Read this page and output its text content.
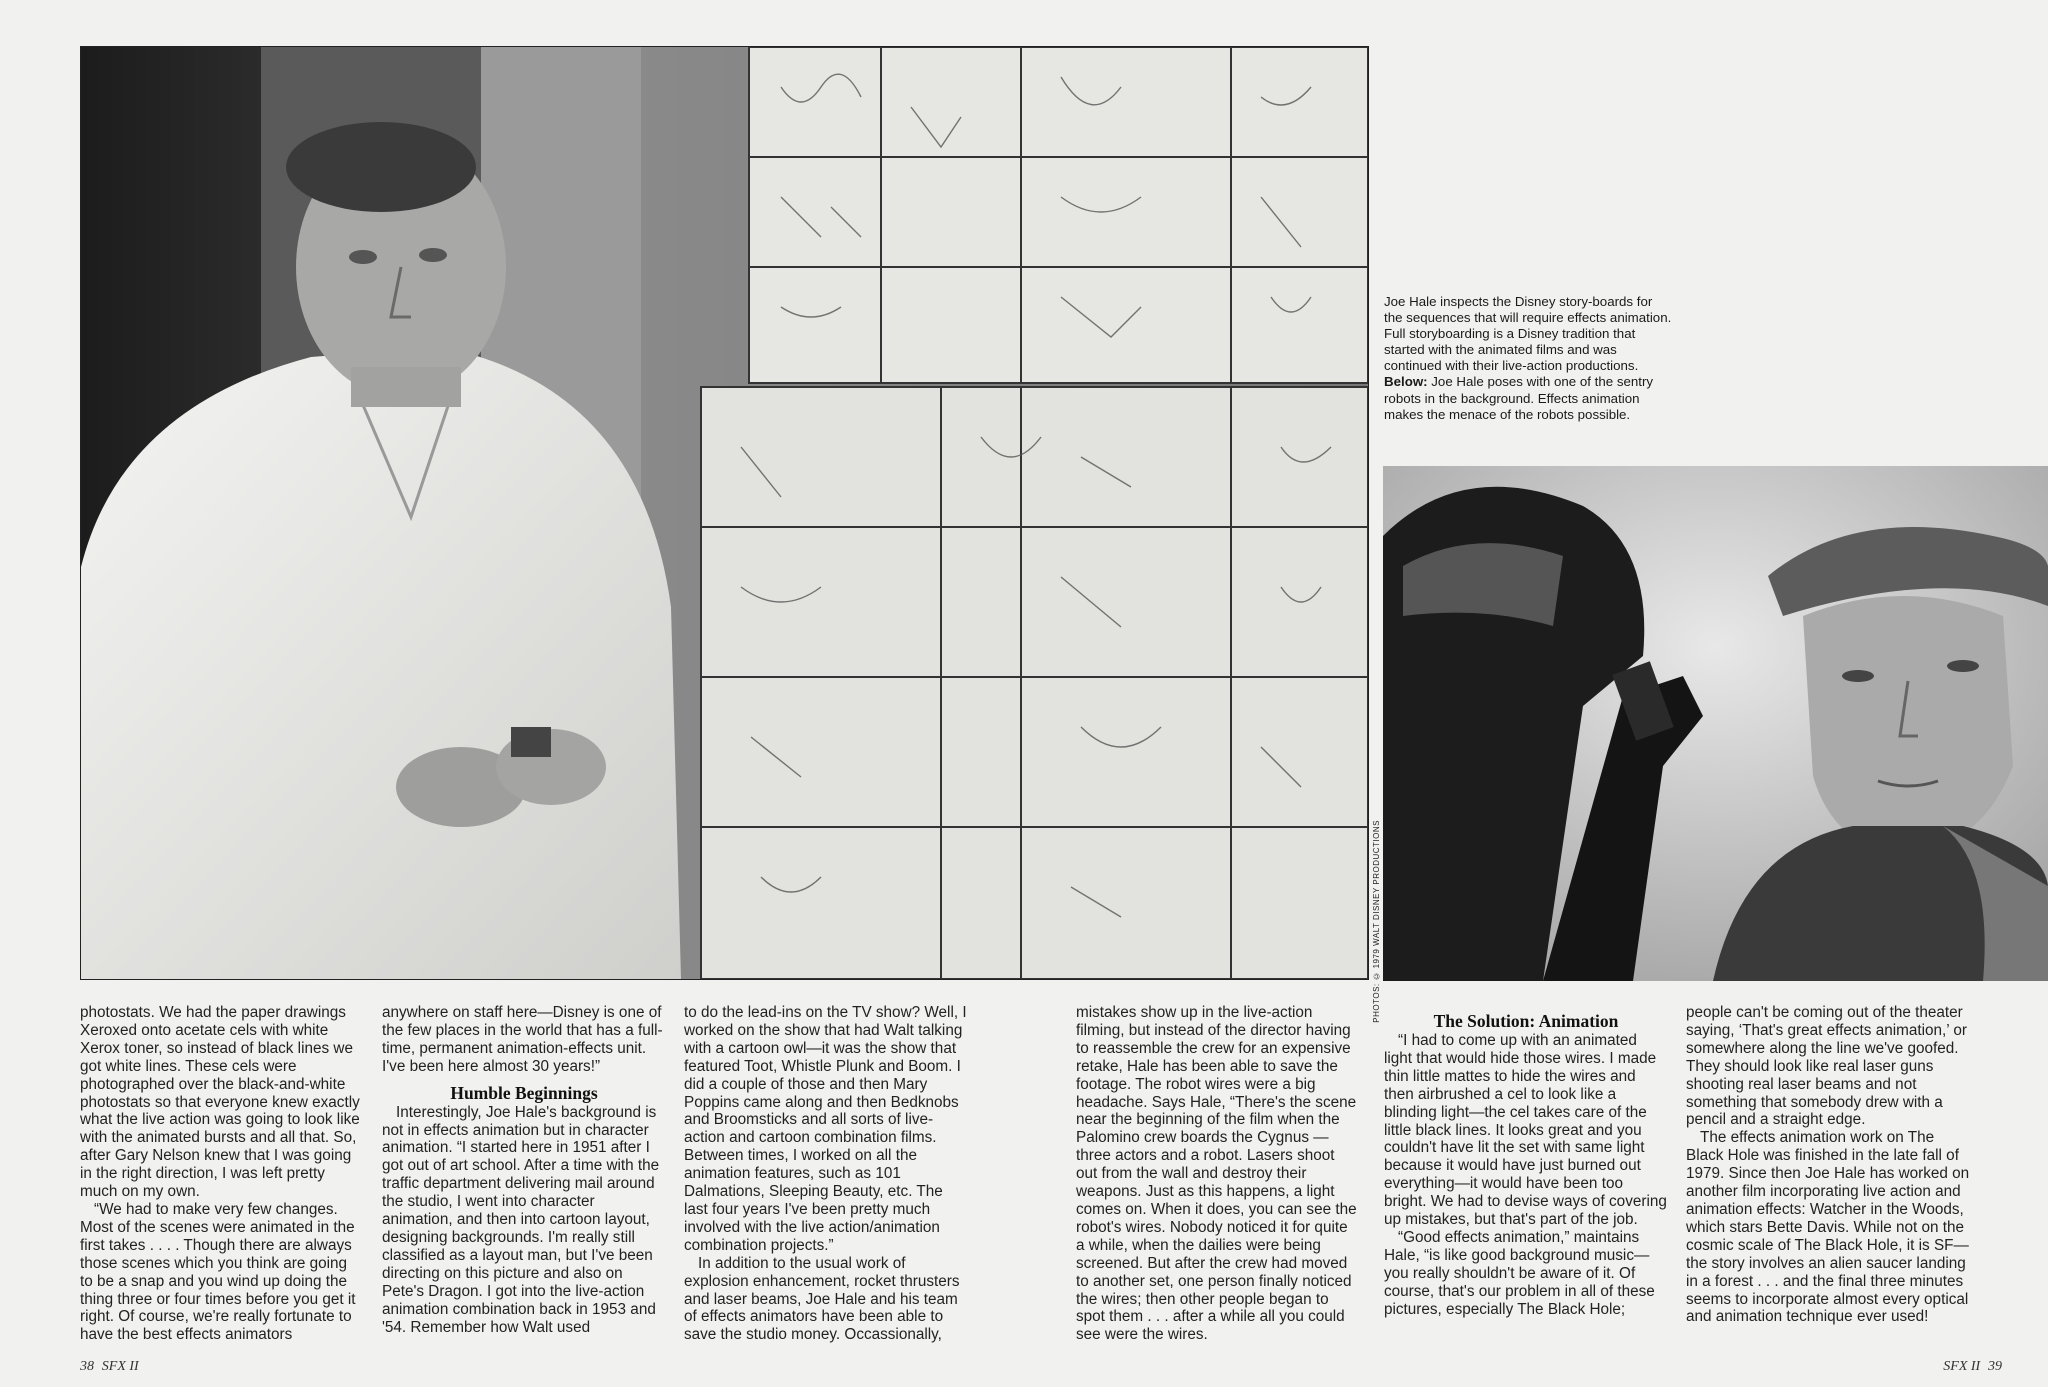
PHOTOS: © 1979 WALT DISNEY PRODUCTIONS
Joe Hale inspects the Disney story-boards for the sequences that will require effects animation. Full storyboarding is a Disney tradition that started with the animated films and was continued with their live-action productions.
Below: Joe Hale poses with one of the sentry robots in the background. Effects animation makes the menace of the robots possible.

photostats. We had the paper drawings Xeroxed onto acetate cels with white Xerox toner, so instead of black lines we got white lines. These cels were photographed over the black-and-white photostats so that everyone knew exactly what the live action was going to look like with the animated bursts and all that. So, after Gary Nelson knew that I was going in the right direction, I was left pretty much on my own.

“We had to make very few changes. Most of the scenes were animated in the first takes . . . . Though there are always those scenes which you think are going to be a snap and you wind up doing the thing three or four times before you get it right. Of course, we're really fortunate to have the best effects animators

anywhere on staff here—Disney is one of the few places in the world that has a full-time, permanent animation-effects unit. I've been here almost 30 years!”

Humble Beginnings

Interestingly, Joe Hale's background is not in effects animation but in character animation. “I started here in 1951 after I got out of art school. After a time with the traffic department delivering mail around the studio, I went into character animation, and then into cartoon layout, designing backgrounds. I'm really still classified as a layout man, but I've been directing on this picture and also on Pete's Dragon. I got into the live-action animation combination back in 1953 and '54. Remember how Walt used

to do the lead-ins on the TV show? Well, I worked on the show that had Walt talking with a cartoon owl—it was the show that featured Toot, Whistle Plunk and Boom. I did a couple of those and then Mary Poppins came along and then Bedknobs and Broomsticks and all sorts of live-action and cartoon combination films. Between times, I worked on all the animation features, such as 101 Dalmations, Sleeping Beauty, etc. The last four years I've been pretty much involved with the live action/animation combination projects.”

In addition to the usual work of explosion enhancement, rocket thrusters and laser beams, Joe Hale and his team of effects animators have been able to save the studio money. Occassionally,

mistakes show up in the live-action filming, but instead of the director having to reassemble the crew for an expensive retake, Hale has been able to save the footage. The robot wires were a big headache. Says Hale, “There's the scene near the beginning of the film when the Palomino crew boards the Cygnus —three actors and a robot. Lasers shoot out from the wall and destroy their weapons. Just as this happens, a light comes on. When it does, you can see the robot's wires. Nobody noticed it for quite a while, when the dailies were being screened. But after the crew had moved to another set, one person finally noticed the wires; then other people began to spot them . . . after a while all you could see were the wires.

The Solution: Animation

“I had to come up with an animated light that would hide those wires. I made thin little mattes to hide the wires and then airbrushed a cel to look like a blinding light—the cel takes care of the little black lines. It looks great and you couldn't have lit the set with same light because it would have just burned out everything—it would have been too bright. We had to devise ways of covering up mistakes, but that's part of the job.

“Good effects animation,” maintains Hale, “is like good background music—you really shouldn't be aware of it. Of course, that's our problem in all of these pictures, especially The Black Hole;

people can't be coming out of the theater saying, ‘That's great effects animation,’ or somewhere along the line we've goofed. They should look like real laser guns shooting real laser beams and not something that somebody drew with a pencil and a straight edge.

The effects animation work on The Black Hole was finished in the late fall of 1979. Since then Joe Hale has worked on another film incorporating live action and animation effects: Watcher in the Woods, which stars Bette Davis. While not on the cosmic scale of The Black Hole, it is SF—the story involves an alien saucer landing in a forest . . . and the final three minutes seems to incorporate almost every optical and animation technique ever used!

38 SFX II	SFX II 39
